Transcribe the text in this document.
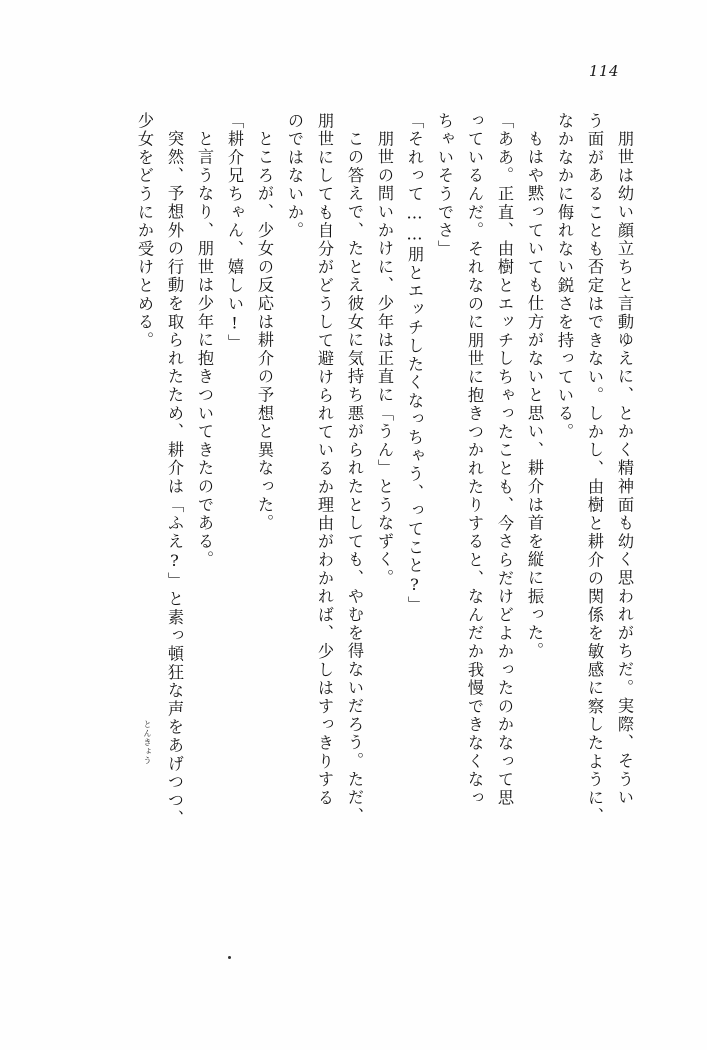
114
朋世は幼い顔立ちと言動ゆえに、とかく精神面も幼く思われがちだ。実際、そうい
う面があることも否定はできない。しかし、由樹と耕介の関係を敏感に察したように、
なかなかに侮れない鋭さを持っている。
もはや黙っていても仕方がないと思い、耕介は首を縦に振った。
「ああ。正直、由樹とエッチしちゃったことも、今さらだけどよかったのかなって思
っているんだ。それなのに朋世に抱きつかれたりすると、なんだか我慢できなくなっ
ちゃいそうでさ」
「それって……朋とエッチしたくなっちゃう、ってこと?」
朋世の問いかけに、少年は正直に「うん」とうなずく。
この答えで、たとえ彼女に気持ち悪がられたとしても、やむを得ないだろう。ただ、
朋世にしても自分がどうして避けられているか理由がわかれば、少しはすっきりする
のではないか。
ところが、少女の反応は耕介の予想と異なった。
「耕介兄ちゃん、嬉しい!」
と言うなり、朋世は少年に抱きついてきたのである。
突然、予想外の行動を取られたため、耕介は「ふえ?」と素っ頓狂な声をあげつつ、
少女をどうにか受けとめる。
とんきょう
